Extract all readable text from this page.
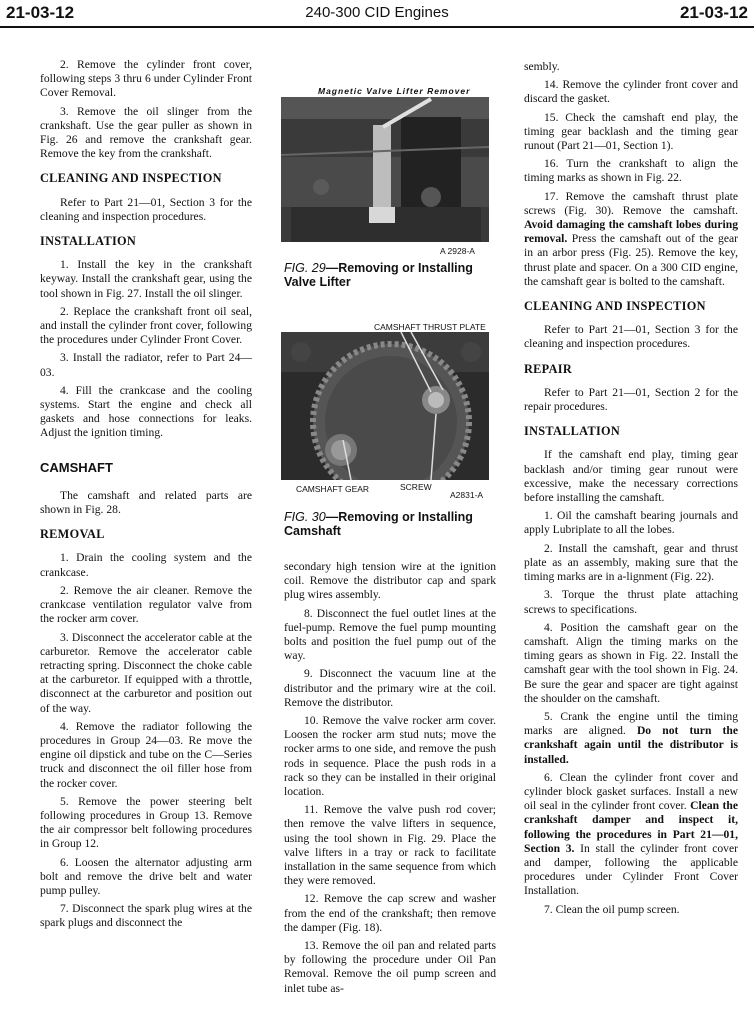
21-03-12	240-300 CID Engines	21-03-12

2. Remove the cylinder front cover, following steps 3 thru 6 under Cylinder Front Cover Removal.

3. Remove the oil slinger from the crankshaft. Use the gear puller as shown in Fig. 26 and remove the crankshaft gear. Remove the key from the crankshaft.

CLEANING AND INSPECTION

Refer to Part 21—01, Section 3 for the cleaning and inspection procedures.

INSTALLATION

1. Install the key in the crankshaft keyway. Install the crankshaft gear, using the tool shown in Fig. 27. Install the oil slinger.

2. Replace the crankshaft front oil seal, and install the cylinder front cover, following the procedures under Cylinder Front Cover.

3. Install the radiator, refer to Part 24—03.

4. Fill the crankcase and the cooling systems. Start the engine and check all gaskets and hose connections for leaks. Adjust the ignition timing.

CAMSHAFT

The camshaft and related parts are shown in Fig. 28.

REMOVAL

1. Drain the cooling system and the crankcase.

2. Remove the air cleaner. Remove the crankcase ventilation regulator valve from the rocker arm cover.

3. Disconnect the accelerator cable at the carburetor. Remove the accelerator cable retracting spring. Disconnect the choke cable at the carburetor. If equipped with a throttle, disconnect at the carburetor and position out of the way.

4. Remove the radiator following the procedures in Group 24—03. Re move the engine oil dipstick and tube on the C—Series truck and disconnect the oil filler hose from the rocker cover.

5. Remove the power steering belt following procedures in Group 13. Remove the air compressor belt following procedures in Group 12.

6. Loosen the alternator adjusting arm bolt and remove the drive belt and water pump pulley.

7. Disconnect the spark plug wires at the spark plugs and disconnect the

Magnetic Valve Lifter Remover
A 2928-A
FIG. 29—Removing or Installing Valve Lifter
CAMSHAFT THRUST PLATE
CAMSHAFT GEAR	SCREW
A2831-A
FIG. 30—Removing or Installing Camshaft

secondary high tension wire at the ignition coil. Remove the distributor cap and spark plug wires assembly.

8. Disconnect the fuel outlet lines at the fuel-pump. Remove the fuel pump mounting bolts and position the fuel pump out of the way.

9. Disconnect the vacuum line at the distributor and the primary wire at the coil. Remove the distributor.

10. Remove the valve rocker arm cover. Loosen the rocker arm stud nuts; move the rocker arms to one side, and remove the push rods in sequence. Place the push rods in a rack so they can be installed in their original location.

11. Remove the valve push rod cover; then remove the valve lifters in sequence, using the tool shown in Fig. 29. Place the valve lifters in a tray or rack to facilitate installation in the same sequence from which they were removed.

12. Remove the cap screw and washer from the end of the crankshaft; then remove the damper (Fig. 18).

13. Remove the oil pan and related parts by following the procedure under Oil Pan Removal. Remove the oil pump screen and inlet tube as-

sembly.

14. Remove the cylinder front cover and discard the gasket.

15. Check the camshaft end play, the timing gear backlash and the timing gear runout (Part 21—01, Section 1).

16. Turn the crankshaft to align the timing marks as shown in Fig. 22.

17. Remove the camshaft thrust plate screws (Fig. 30). Remove the camshaft. Avoid damaging the camshaft lobes during removal. Press the camshaft out of the gear in an arbor press (Fig. 25). Remove the key, thrust plate and spacer. On a 300 CID engine, the camshaft gear is bolted to the camshaft.

CLEANING AND INSPECTION

Refer to Part 21—01, Section 3 for the cleaning and inspection procedures.

REPAIR

Refer to Part 21—01, Section 2 for the repair procedures.

INSTALLATION

If the camshaft end play, timing gear backlash and/or timing gear runout were excessive, make the necessary corrections before installing the camshaft.

1. Oil the camshaft bearing journals and apply Lubriplate to all the lobes.

2. Install the camshaft, gear and thrust plate as an assembly, making sure that the timing marks are in a-lignment (Fig. 22).

3. Torque the thrust plate attaching screws to specifications.

4. Position the camshaft gear on the camshaft. Align the timing marks on the timing gears as shown in Fig. 22. Install the camshaft gear with the tool shown in Fig. 24. Be sure the gear and spacer are tight against the shoulder on the camshaft.

5. Crank the engine until the timing marks are aligned. Do not turn the crankshaft again until the distributor is installed.

6. Clean the cylinder front cover and cylinder block gasket surfaces. Install a new oil seal in the cylinder front cover. Clean the crankshaft damper and inspect it, following the procedures in Part 21—01, Section 3. In stall the cylinder front cover and damper, following the applicable procedures under Cylinder Front Cover Installation.

7. Clean the oil pump screen.
